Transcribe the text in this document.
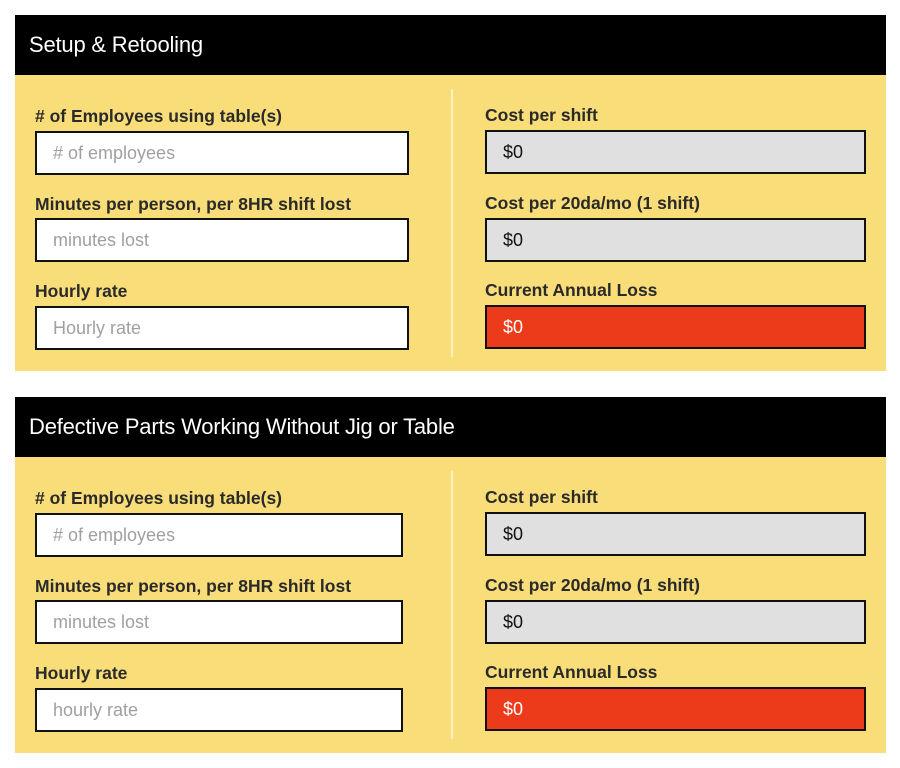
Setup & Retooling
# of Employees using table(s)
# of employees
Minutes per person, per 8HR shift lost
minutes lost
Hourly rate
Hourly rate
Cost per shift
$0
Cost per 20da/mo (1 shift)
$0
Current Annual Loss
$0
Defective Parts Working Without Jig or Table
# of Employees using table(s)
# of employees
Minutes per person, per 8HR shift lost
minutes lost
Hourly rate
hourly rate
Cost per shift
$0
Cost per 20da/mo (1 shift)
$0
Current Annual Loss
$0
